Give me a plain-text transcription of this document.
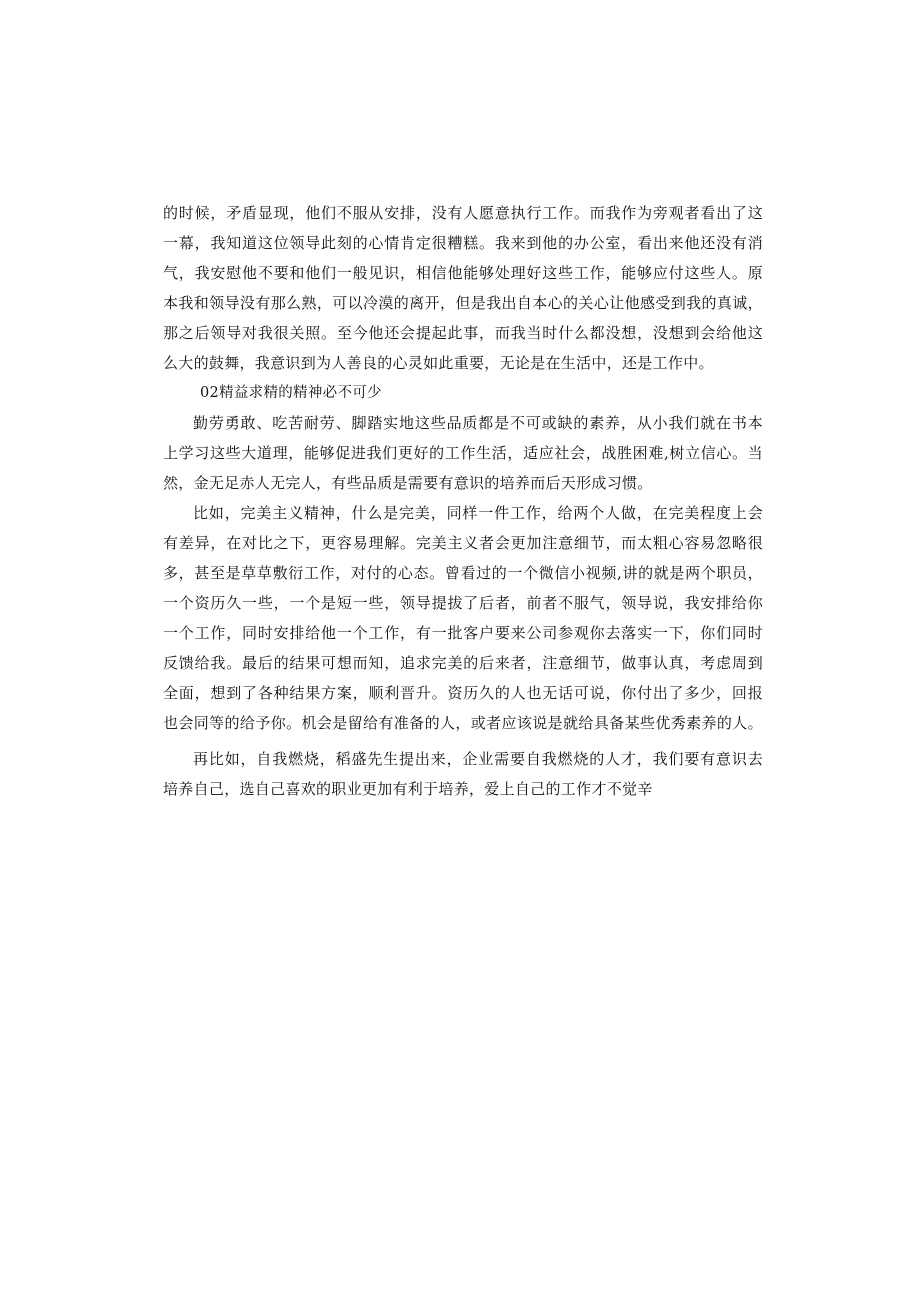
的时候，矛盾显现，他们不服从安排，没有人愿意执行工作。而我作为旁观者看出了这
一幕，我知道这位领导此刻的心情肯定很糟糕。我来到他的办公室，看出来他还没有消
气，我安慰他不要和他们一般见识，相信他能够处理好这些工作，能够应付这些人。原
本我和领导没有那么熟，可以冷漠的离开，但是我出自本心的关心让他感受到我的真诚，
那之后领导对我很关照。至今他还会提起此事，而我当时什么都没想，没想到会给他这
么大的鼓舞，我意识到为人善良的心灵如此重要，无论是在生活中，还是工作中。
02精益求精的精神必不可少
勤劳勇敢、吃苦耐劳、脚踏实地这些品质都是不可或缺的素养，从小我们就在书本
上学习这些大道理，能够促进我们更好的工作生活，适应社会，战胜困难,树立信心。当
然，金无足赤人无完人，有些品质是需要有意识的培养而后天形成习惯。
比如，完美主义精神，什么是完美，同样一件工作，给两个人做，在完美程度上会
有差异，在对比之下，更容易理解。完美主义者会更加注意细节，而太粗心容易忽略很
多，甚至是草草敷衍工作，对付的心态。曾看过的一个微信小视频,讲的就是两个职员，
一个资历久一些，一个是短一些，领导提拔了后者，前者不服气，领导说，我安排给你
一个工作，同时安排给他一个工作，有一批客户要来公司参观你去落实一下，你们同时
反馈给我。最后的结果可想而知，追求完美的后来者，注意细节，做事认真，考虑周到
全面，想到了各种结果方案，顺利晋升。资历久的人也无话可说，你付出了多少，回报
也会同等的给予你。机会是留给有准备的人，或者应该说是就给具备某些优秀素养的人。
再比如，自我燃烧，稻盛先生提出来，企业需要自我燃烧的人才，我们要有意识去
培养自己，选自己喜欢的职业更加有利于培养，爱上自己的工作才不觉辛
